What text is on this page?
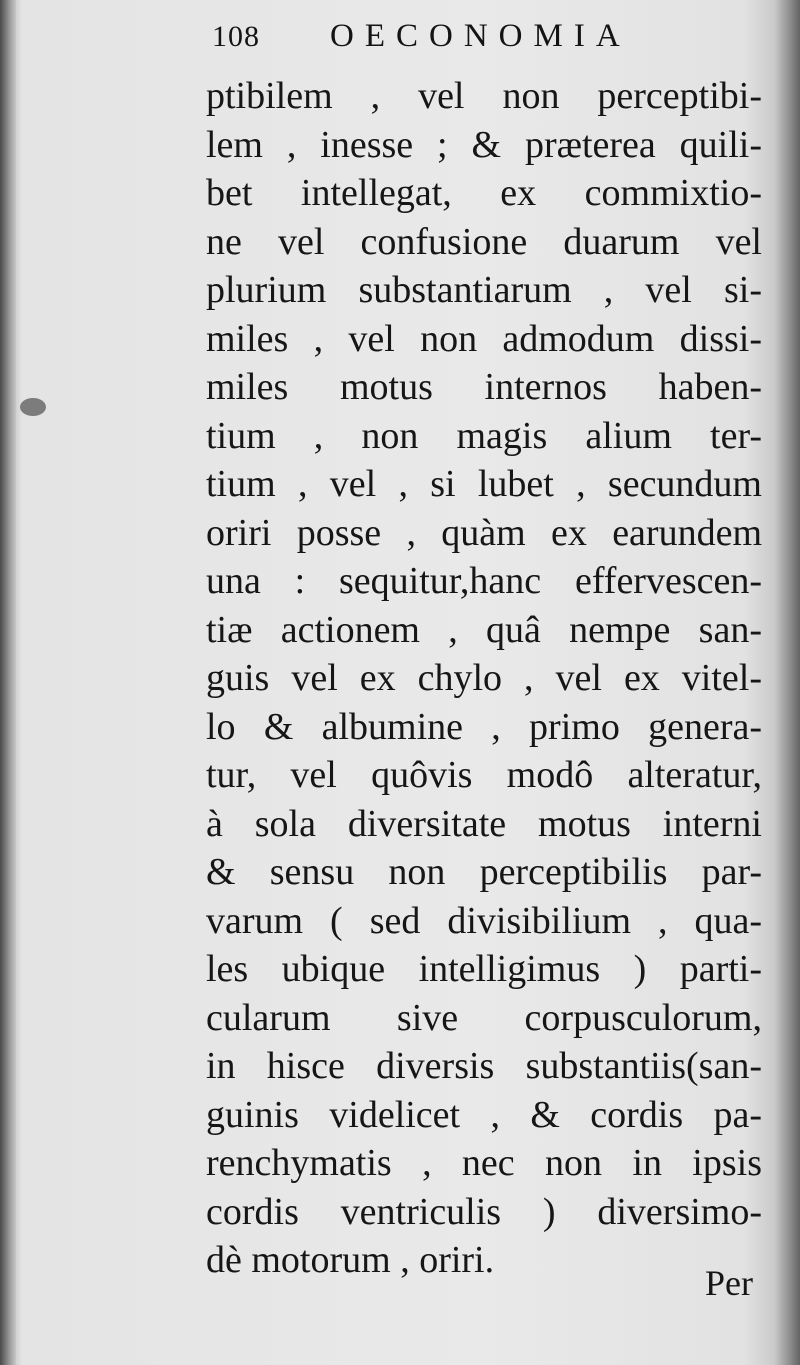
108 OECONOMIA
ptibilem , vel non perceptibi-
lem , inesse ; & præterea quili-
bet intellegat, ex commixtio-
ne vel confusione duarum vel
plurium substantiarum , vel si-
miles , vel non admodum dissi-
miles motus internos haben-
tium , non magis alium ter-
tium , vel , si lubet , secundum
oriri posse , quàm ex earundem
una : sequitur,hanc effervescen-
tiæ actionem , quâ nempe san-
guis vel ex chylo , vel ex vitel-
lo & albumine , primo genera-
tur, vel quôvis modô alteratur,
à sola diversitate motus interni
& sensu non perceptibilis par-
varum ( sed divisibilium , qua-
les ubique intelligimus ) parti-
cularum sive corpusculorum,
in hisce diversis substantiis(san-
guinis videlicet , & cordis pa-
renchymatis , nec non in ipsis
cordis ventriculis ) diversimo-
dè motorum , oriri.
Per
